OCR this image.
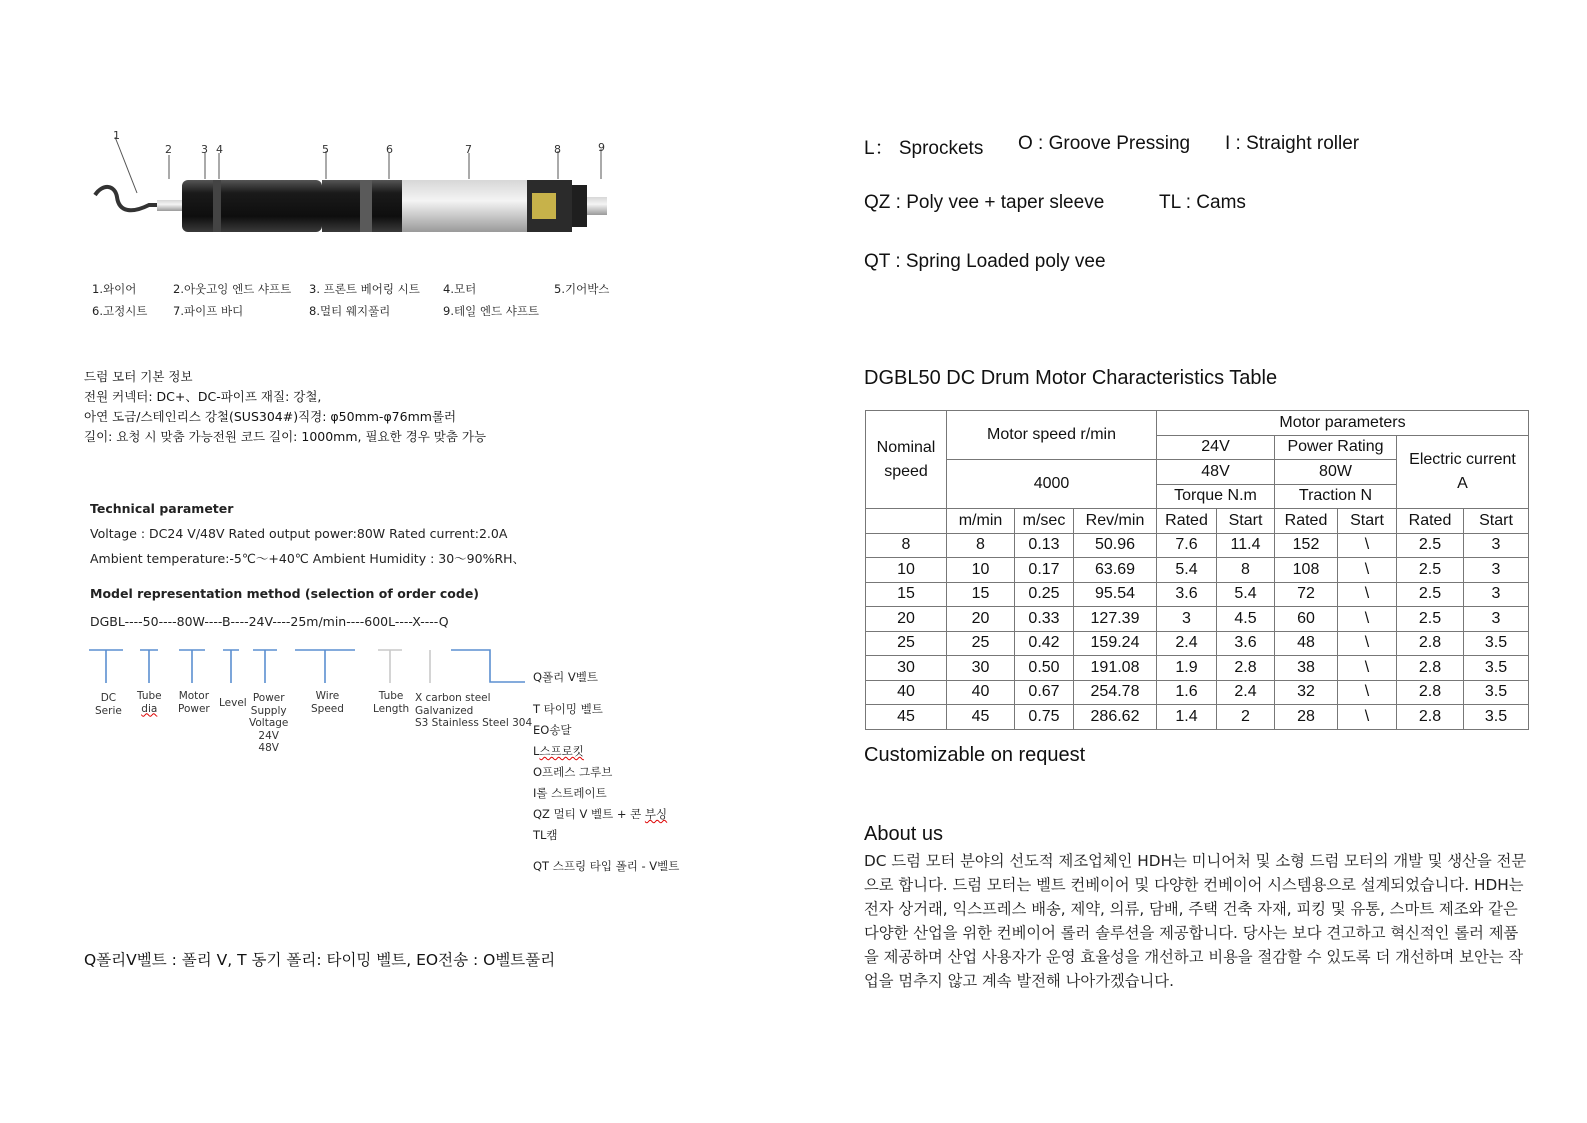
1
2	3 4	5	6	7	8	9
1.와이어	2.아웃고잉 엔드 샤프트 3. 프론트 베어링 시트 4.모터	5.기어박스
6.고정시트 7.파이프 바디	8.멀티 웨지풀리	9.테일 엔드 샤프트
드럼 모터 기본 정보
전원 커넥터: DC+、DC-파이프 재질: 강철,
아연 도금/스테인리스 강철(SUS304#)직경: φ50mm-φ76mm롤러
길이: 요청 시 맞춤 가능전원 코드 길이: 1000mm, 필요한 경우 맞춤 가능
Technical parameter
Voltage : DC24 V/48V Rated output power:80W Rated current:2.0A
Ambient temperature:-5℃～+40℃ Ambient Humidity : 30～90%RH、
Model representation method (selection of order code)
DGBL----50----80W----B----24V----25m/min----600L----X----Q
DC
Serie
Tube
dia
Motor
Power Level Power
Supply
Voltage
24V
48V
Wire
Speed
Tube
Length
X carbon steel
Galvanized
S3 Stainless Steel 304
Q폴리 V벨트
T 타이밍 벨트
EO송달
L스프로킷
O프레스 그루브
I롤 스트레이트
QZ 멀티 V 벨트 + 콘 부싱
TL캠
QT 스프링 타입 폴리 - V벨트
Q폴리V벨트 : 폴리 V, T 동기 폴리: 타이밍 벨트, EO전송 : O벨트풀리
L： Sprockets O : Groove Pressing I : Straight roller
QZ : Poly vee + taper sleeve	TL : Cams
QT : Spring Loaded poly vee
DGBL50 DC Drum Motor Characteristics Table
Nominal speed	Motor speed r/min			Motor parameters					
				24V		Power Rating		Electric current
A	

	4000			48V		80W			
				Torque N.m		Traction N			
	m/min	m/sec	Rev/min	Rated	Start	Rated	Start	Rated	Start
8	8	0.13	50.96	7.6	11.4	152	\	2.5	3
10	10	0.17	63.69	5.4	8	108	\	2.5	3
15	15	0.25	95.54	3.6	5.4	72	\	2.5	3
20	20	0.33	127.39	3	4.5	60	\	2.5	3
25	25	0.42	159.24	2.4	3.6	48	\	2.8	3.5
30	30	0.50	191.08	1.9	2.8	38	\	2.8	3.5
40	40	0.67	254.78	1.6	2.4	32	\	2.8	3.5
45	45	0.75	286.62	1.4	2	28	\	2.8	3.5
Customizable on request
About us
DC 드럼 모터 분야의 선도적 제조업체인 HDH는 미니어처 및 소형 드럼 모터의 개발 및 생산을 전문으로 합니다. 드럼 모터는 벨트 컨베이어 및 다양한 컨베이어 시스템용으로 설계되었습니다. HDH는 전자 상거래, 익스프레스 배송, 제약, 의류, 담배, 주택 건축 자재, 피킹 및 유통, 스마트 제조와 같은 다양한 산업을 위한 컨베이어 롤러 솔루션을 제공합니다. 당사는 보다 견고하고 혁신적인 롤러 제품을 제공하며 산업 사용자가 운영 효율성을 개선하고 비용을 절감할 수 있도록 더 개선하며 보안는 작업을 멈추지 않고 계속 발전해 나아가겠습니다.
